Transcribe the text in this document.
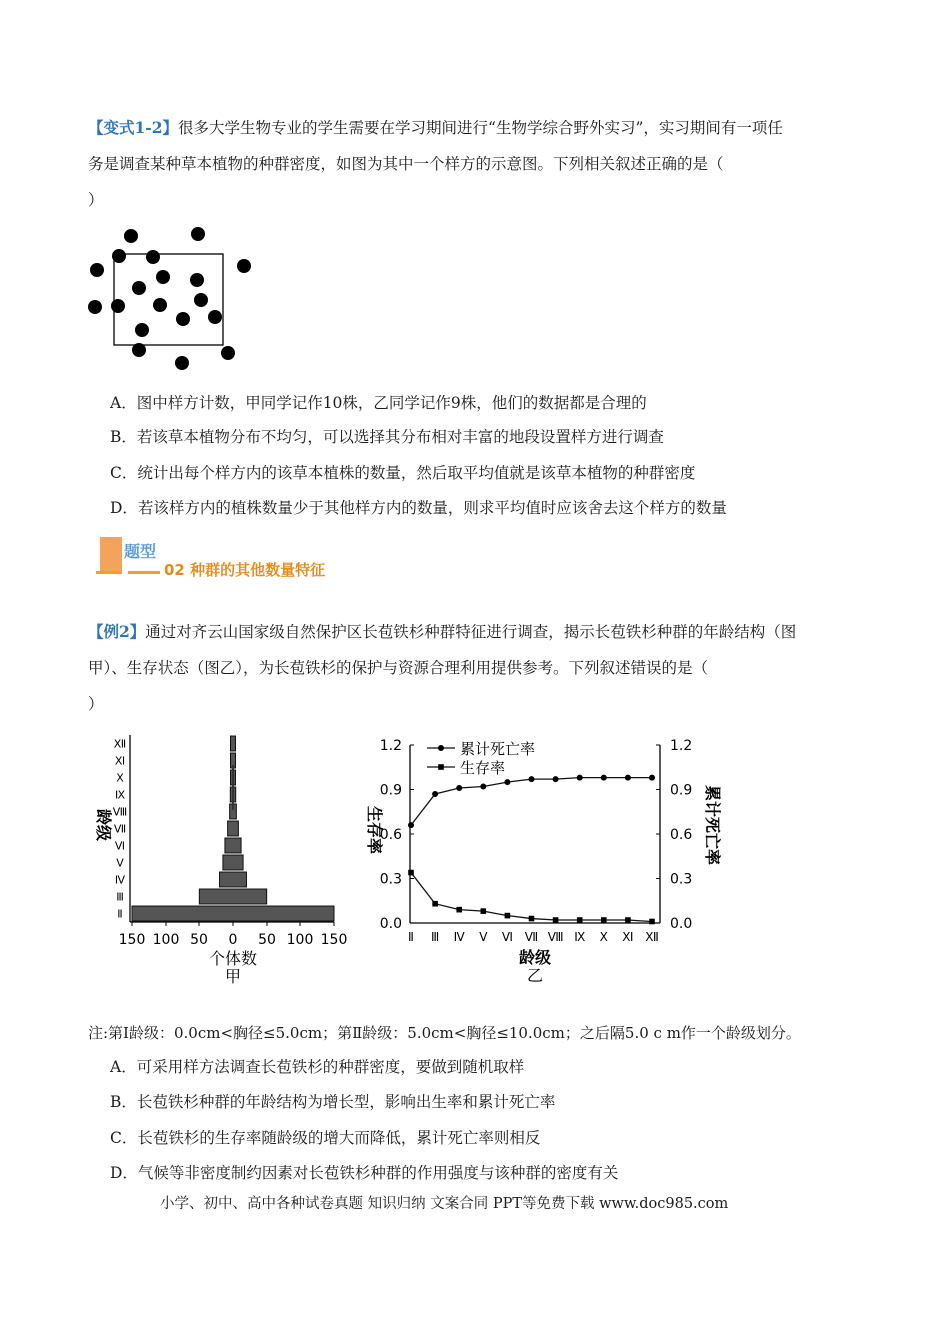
【变式1-2】很多大学生物专业的学生需要在学习期间进行“生物学综合野外实习”，实习期间有一项任
务是调查某种草本植物的种群密度，如图为其中一个样方的示意图。下列相关叙述正确的是（
）
A．图中样方计数，甲同学记作10株，乙同学记作9株，他们的数据都是合理的
B．若该草本植物分布不均匀，可以选择其分布相对丰富的地段设置样方进行调查
C．统计出每个样方内的该草本植株的数量，然后取平均值就是该草本植物的种群密度
D．若该样方内的植株数量少于其他样方内的数量，则求平均值时应该舍去这个样方的数量
题型
02 种群的其他数量特征
【例2】通过对齐云山国家级自然保护区长苞铁杉种群特征进行调查，揭示长苞铁杉种群的年龄结构（图
甲）、生存状态（图乙），为长苞铁杉的保护与资源合理利用提供参考。下列叙述错误的是（
）
Ⅱ
Ⅲ
Ⅳ
Ⅴ
Ⅵ
Ⅶ
Ⅷ
Ⅸ
Ⅹ
Ⅺ
Ⅻ
150 100 50 0 50 100 150
个体数
甲
龄级
0.0	0.0
0.3	0.3
0.6	0.6
0.9	0.9
1.2	1.2
Ⅱ Ⅲ Ⅳ Ⅴ Ⅵ Ⅶ Ⅷ Ⅸ Ⅹ Ⅺ Ⅻ
累计死亡率
生存率
龄级
乙
生存率	累计死亡率
注:第Ⅰ龄级：0.0cm<胸径≤5.0cm；第Ⅱ龄级：5.0cm<胸径≤10.0cm；之后隔5.0 c m作一个龄级划分。
A．可采用样方法调查长苞铁杉的种群密度，要做到随机取样
B．长苞铁杉种群的年龄结构为增长型，影响出生率和累计死亡率
C．长苞铁杉的生存率随龄级的增大而降低，累计死亡率则相反
D．气候等非密度制约因素对长苞铁杉种群的作用强度与该种群的密度有关
小学、初中、高中各种试卷真题 知识归纳 文案合同 PPT等免费下载 www.doc985.com
